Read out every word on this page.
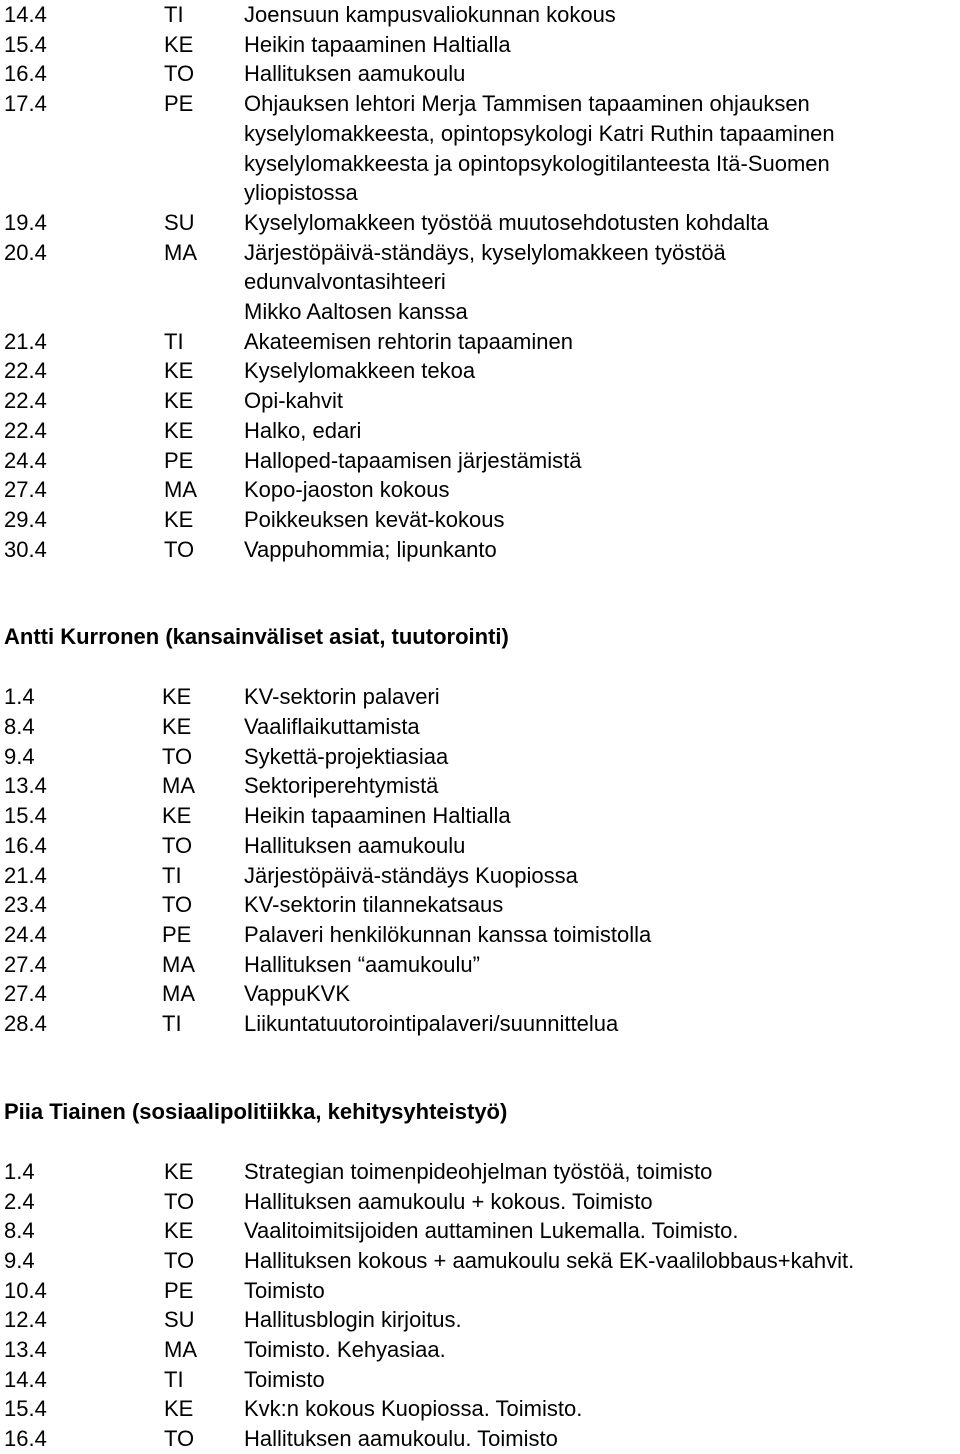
14.4	TI	Joensuun kampusvaliokunnan kokous
15.4	KE	Heikin tapaaminen Haltialla
16.4	TO	Hallituksen aamukoulu
17.4	PE	Ohjauksen lehtori Merja Tammisen tapaaminen ohjauksen
kyselylomakkeesta, opintopsykologi Katri Ruthin tapaaminen
kyselylomakkeesta ja opintopsykologitilanteesta Itä-Suomen
yliopistossa
19.4	SU	Kyselylomakkeen työstöä muutosehdotusten kohdalta
20.4	MA	Järjestöpäivä-ständäys, kyselylomakkeen työstöä
edunvalvontasihteeri
Mikko Aaltosen kanssa
21.4	TI	Akateemisen rehtorin tapaaminen
22.4	KE	Kyselylomakkeen tekoa
22.4	KE	Opi-kahvit
22.4	KE	Halko, edari
24.4	PE	Halloped-tapaamisen järjestämistä
27.4	MA	Kopo-jaoston kokous
29.4	KE	Poikkeuksen kevät-kokous
30.4	TO	Vappuhommia; lipunkanto
Antti Kurronen (kansainväliset asiat, tuutorointi)
1.4	KE	KV-sektorin palaveri
8.4	KE	Vaaliflaikuttamista
9.4	TO	Sykettä-projektiasiaa
13.4	MA	Sektoriperehtymistä
15.4	KE	Heikin tapaaminen Haltialla
16.4	TO	Hallituksen aamukoulu
21.4	TI	Järjestöpäivä-ständäys Kuopiossa
23.4	TO	KV-sektorin tilannekatsaus
24.4	PE	Palaveri henkilökunnan kanssa toimistolla
27.4	MA	Hallituksen “aamukoulu”
27.4	MA	VappuKVK
28.4	TI	Liikuntatuutorointipalaveri/suunnittelua
Piia Tiainen (sosiaalipolitiikka, kehitysyhteistyö)
1.4	KE	Strategian toimenpideohjelman työstöä, toimisto
2.4	TO	Hallituksen aamukoulu + kokous. Toimisto
8.4	KE	Vaalitoimitsijoiden auttaminen Lukemalla. Toimisto.
9.4	TO	Hallituksen kokous + aamukoulu sekä EK-vaalilobbaus+kahvit.
10.4	PE	Toimisto
12.4	SU	Hallitusblogin kirjoitus.
13.4	MA	Toimisto. Kehyasiaa.
14.4	TI	Toimisto
15.4	KE	Kvk:n kokous Kuopiossa. Toimisto.
16.4	TO	Hallituksen aamukoulu. Toimisto
